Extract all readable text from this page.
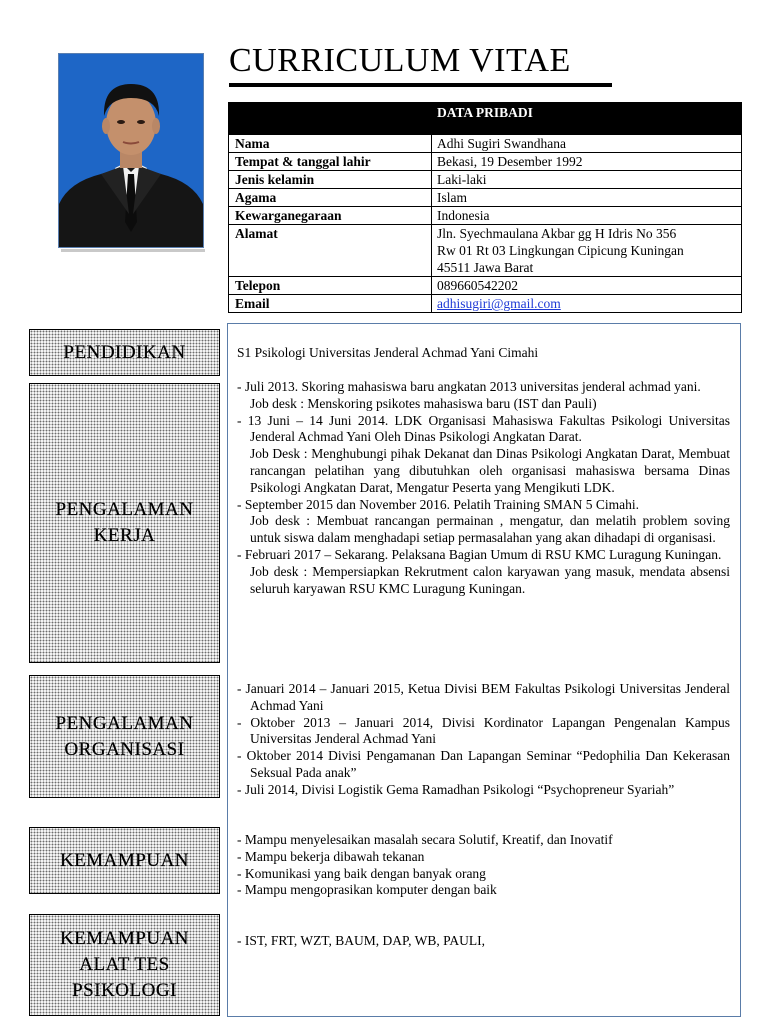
CURRICULUM VITAE
DATA PRIBADI	
Nama	Adhi Sugiri Swandhana
Tempat & tanggal lahir	Bekasi, 19 Desember 1992
Jenis kelamin	Laki-laki
Agama	Islam
Kewarganegaraan	Indonesia
Alamat	Jln. Syechmaulana Akbar gg H Idris No 356
Rw 01 Rt 03 Lingkungan Cipicung Kuningan
45511 Jawa Barat

Telepon	089660542202
Email	adhisugiri@gmail.com
PENDIDIKAN
PENGALAMAN
KERJA
PENGALAMAN
ORGANISASI
KEMAMPUAN
KEMAMPUAN
ALAT TES
PSIKOLOGI

S1 Psikologi Universitas Jenderal Achmad Yani Cimahi

- Juli 2013. Skoring mahasiswa baru angkatan 2013 universitas jenderal achmad yani.

Job desk : Menskoring psikotes mahasiswa baru (IST dan Pauli)

- 13 Juni – 14 Juni 2014. LDK Organisasi Mahasiswa Fakultas Psikologi Universitas Jenderal Achmad Yani Oleh Dinas Psikologi Angkatan Darat.

Job Desk : Menghubungi pihak Dekanat dan Dinas Psikologi Angkatan Darat, Membuat rancangan pelatihan yang dibutuhkan oleh organisasi mahasiswa bersama Dinas Psikologi Angkatan Darat, Mengatur Peserta yang Mengikuti LDK.

- September 2015 dan November 2016. Pelatih Training SMAN 5 Cimahi.

Job desk : Membuat rancangan permainan , mengatur, dan melatih problem soving untuk siswa dalam menghadapi setiap permasalahan yang akan dihadapi di organisasi.

- Februari 2017 – Sekarang. Pelaksana Bagian Umum di RSU KMC Luragung Kuningan.

Job desk : Mempersiapkan Rekrutment calon karyawan yang masuk, mendata absensi seluruh karyawan RSU KMC Luragung Kuningan.

- Januari 2014 – Januari 2015, Ketua Divisi BEM Fakultas Psikologi Universitas Jenderal Achmad Yani

- Oktober 2013 – Januari 2014, Divisi Kordinator Lapangan Pengenalan Kampus Universitas Jenderal Achmad Yani

- Oktober 2014 Divisi Pengamanan Dan Lapangan Seminar “Pedophilia Dan Kekerasan Seksual Pada anak”

- Juli 2014, Divisi Logistik Gema Ramadhan Psikologi “Psychopreneur Syariah”

- Mampu menyelesaikan masalah secara Solutif, Kreatif, dan Inovatif

- Mampu bekerja dibawah tekanan

- Komunikasi yang baik dengan banyak orang

- Mampu mengoprasikan komputer dengan baik

- IST, FRT, WZT, BAUM, DAP, WB, PAULI,
